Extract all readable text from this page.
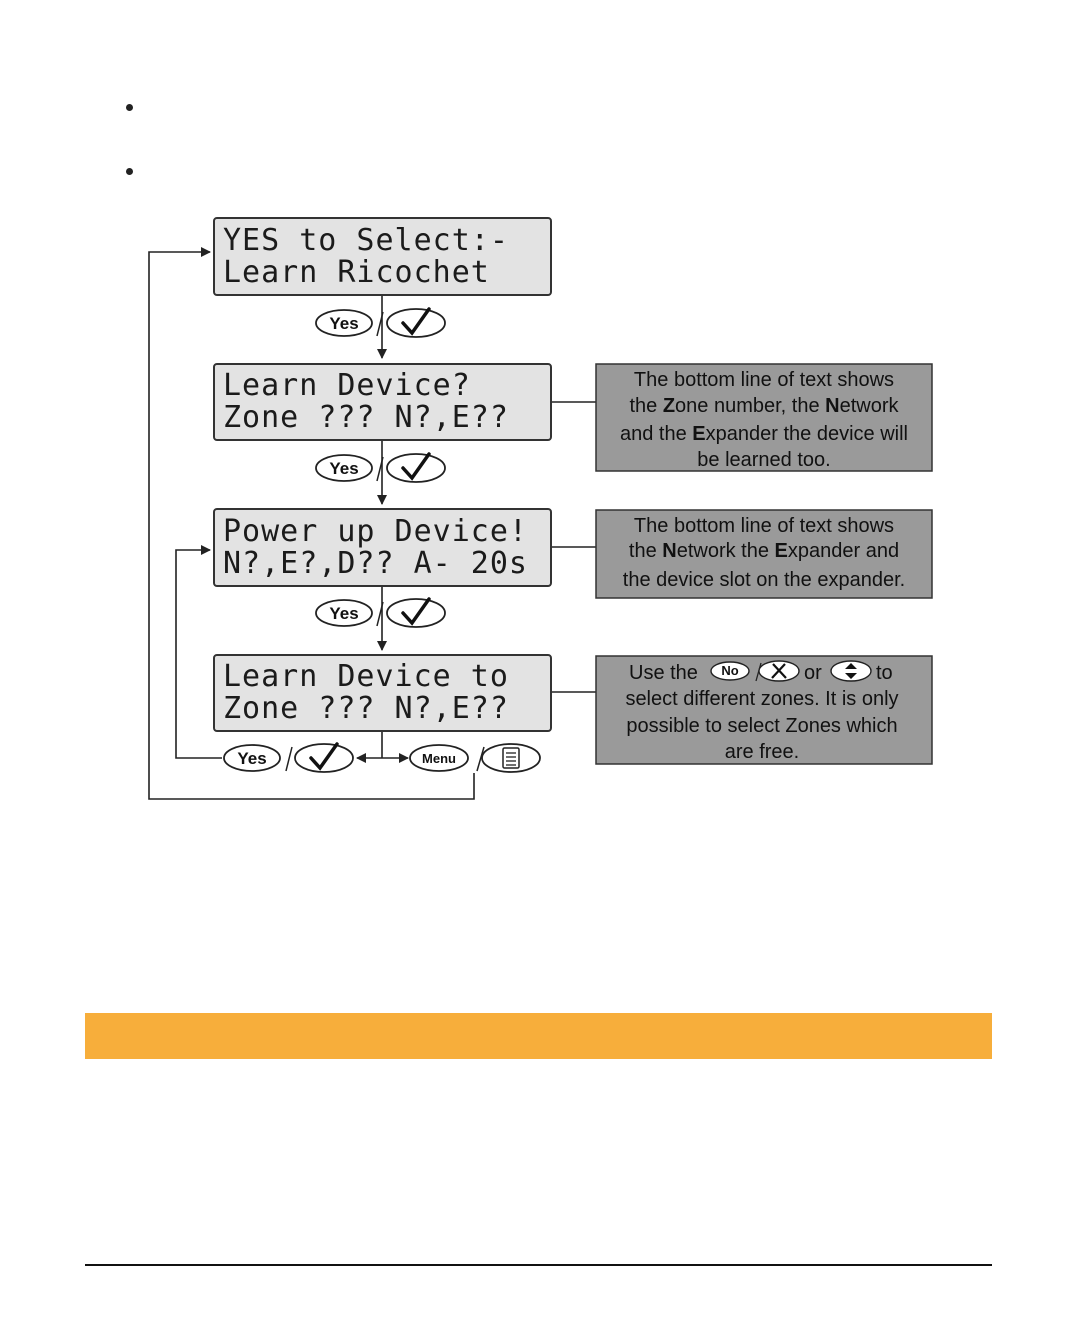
YES to Select:-
Learn Ricochet
Learn Device?
Zone ??? N?,E??
Power up Device!
N?,E?,D?? A- 20s
Learn Device to
Zone ??? N?,E??
Yes
Yes
Yes
Yes	Menu
The bottom line of text shows
the Zone number, the Network
and the Expander the device will
be learned too.
The bottom line of text shows
the Network the Expander and
the device slot on the expander.
Use the No	or	to
select different zones. It is only
possible to select Zones which
are free.
